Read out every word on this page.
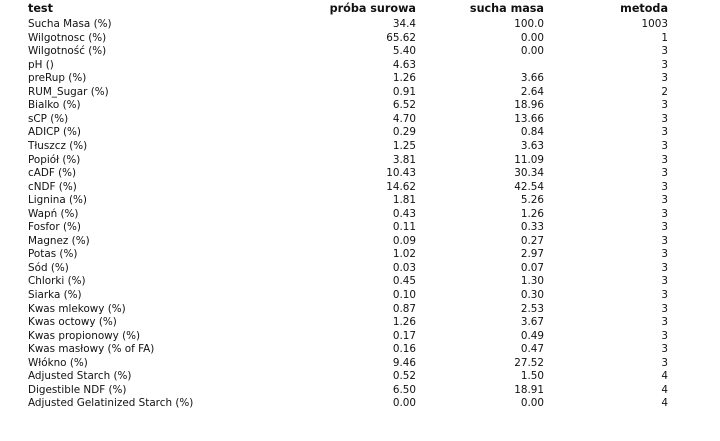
test	próba surowa	sucha masa	metoda
Sucha Masa (%)	34.4	100.0	1003
Wilgotnosc (%)	65.62	0.00	1
Wilgotność (%)	5.40	0.00	3
pH ()	4.63		3
preRup (%)	1.26	3.66	3
RUM_Sugar (%)	0.91	2.64	2
Bialko (%)	6.52	18.96	3
sCP (%)	4.70	13.66	3
ADICP (%)	0.29	0.84	3
Tłuszcz (%)	1.25	3.63	3
Popiół (%)	3.81	11.09	3
cADF (%)	10.43	30.34	3
cNDF (%)	14.62	42.54	3
Lignina (%)	1.81	5.26	3
Wapń (%)	0.43	1.26	3
Fosfor (%)	0.11	0.33	3
Magnez (%)	0.09	0.27	3
Potas (%)	1.02	2.97	3
Sód (%)	0.03	0.07	3
Chlorki (%)	0.45	1.30	3
Siarka (%)	0.10	0.30	3
Kwas mlekowy (%)	0.87	2.53	3
Kwas octowy (%)	1.26	3.67	3
Kwas propionowy (%)	0.17	0.49	3
Kwas masłowy (% of FA)	0.16	0.47	3
Włókno (%)	9.46	27.52	3
Adjusted Starch (%)	0.52	1.50	4
Digestible NDF (%)	6.50	18.91	4
Adjusted Gelatinized Starch (%)	0.00	0.00	4
